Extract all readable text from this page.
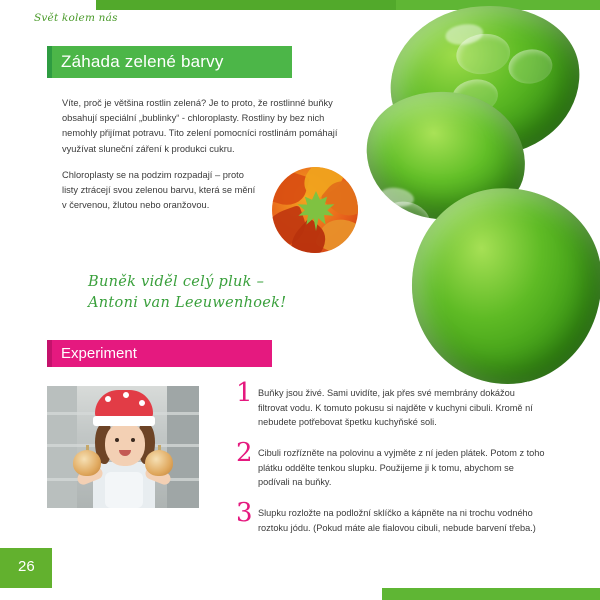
Svět kolem nás
Záhada zelené barvy
Víte, proč je většina rostlin zelená? Je to proto, že rostlinné buňky obsahují speciální „bublinky“ - chloroplasty. Rostliny by bez nich nemohly přijímat potravu. Tito zelení pomocníci rostlinám pomáhají využívat sluneční záření k produkci cukru.
Chloroplasty se na podzim rozpadají – proto listy ztrácejí svou zelenou barvu, která se mění v červenou, žlutou nebo oranžovou.
Buněk viděl celý pluk –
Antoni van Leeuwenhoek!
Experiment
1 Buňky jsou živé. Sami uvidíte, jak přes své membrány dokážou filtrovat vodu. K tomuto pokusu si najděte v kuchyni cibuli. Kromě ní nebudete potřebovat špetku kuchyňské soli.
2 Cibuli rozřízněte na polovinu a vyjměte z ní jeden plátek. Potom z toho plátku oddělte tenkou slupku. Použijeme ji k tomu, abychom se podívali na buňky.
3 Slupku rozložte na podložní sklíčko a kápněte na ni trochu vodného roztoku jódu. (Pokud máte ale fialovou cibuli, nebude barvení třeba.)
26
